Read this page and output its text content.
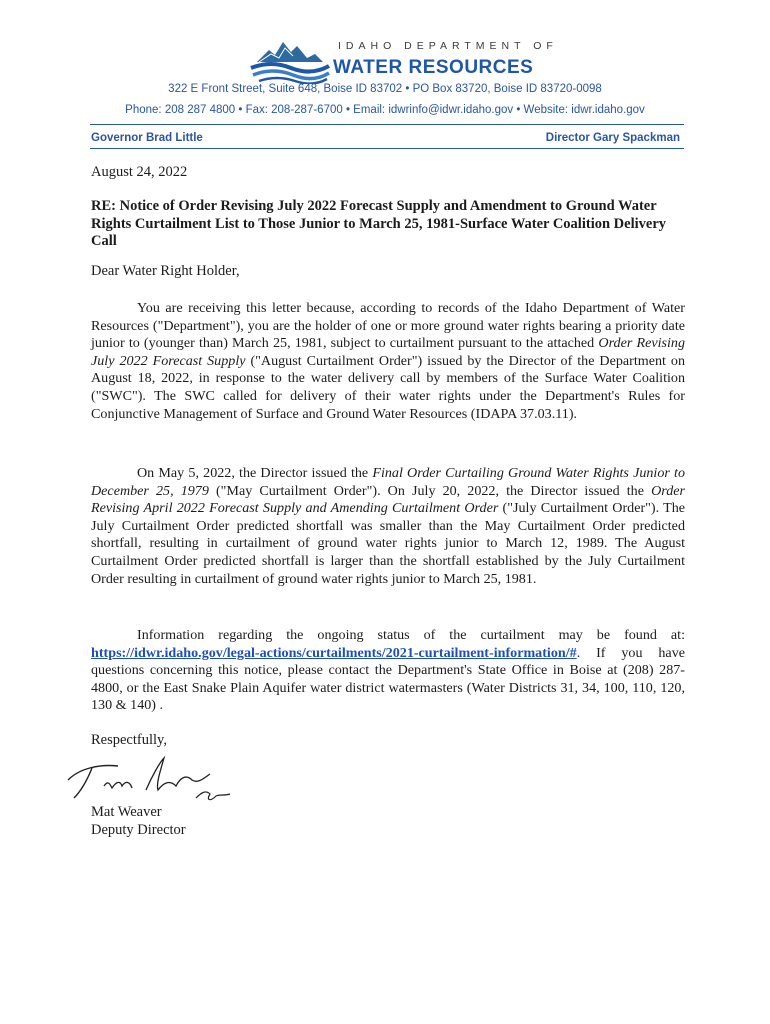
IDAHO DEPARTMENT OF
WATER RESOURCES
322 E Front Street, Suite 648, Boise ID 83702 • PO Box 83720, Boise ID 83720-0098
Phone: 208 287 4800 • Fax: 208-287-6700 • Email: idwrinfo@idwr.idaho.gov • Website: idwr.idaho.gov
Governor Brad Little	Director Gary Spackman
August 24, 2022
RE: Notice of Order Revising July 2022 Forecast Supply and Amendment to Ground Water Rights Curtailment List to Those Junior to March 25, 1981-Surface Water Coalition Delivery Call
Dear Water Right Holder,
You are receiving this letter because, according to records of the Idaho Department of Water Resources ("Department"), you are the holder of one or more ground water rights bearing a priority date junior to (younger than) March 25, 1981, subject to curtailment pursuant to the attached Order Revising July 2022 Forecast Supply ("August Curtailment Order") issued by the Director of the Department on August 18, 2022, in response to the water delivery call by members of the Surface Water Coalition ("SWC"). The SWC called for delivery of their water rights under the Department's Rules for Conjunctive Management of Surface and Ground Water Resources (IDAPA 37.03.11).
On May 5, 2022, the Director issued the Final Order Curtailing Ground Water Rights Junior to December 25, 1979 ("May Curtailment Order"). On July 20, 2022, the Director issued the Order Revising April 2022 Forecast Supply and Amending Curtailment Order ("July Curtailment Order"). The July Curtailment Order predicted shortfall was smaller than the May Curtailment Order predicted shortfall, resulting in curtailment of ground water rights junior to March 12, 1989. The August Curtailment Order predicted shortfall is larger than the shortfall established by the July Curtailment Order resulting in curtailment of ground water rights junior to March 25, 1981.
Information regarding the ongoing status of the curtailment may be found at: https://idwr.idaho.gov/legal-actions/curtailments/2021-curtailment-information/#. If you have questions concerning this notice, please contact the Department's State Office in Boise at (208) 287-4800, or the East Snake Plain Aquifer water district watermasters (Water Districts 31, 34, 100, 110, 120, 130 & 140) .
Respectfully,
Mat Weaver
Deputy Director
